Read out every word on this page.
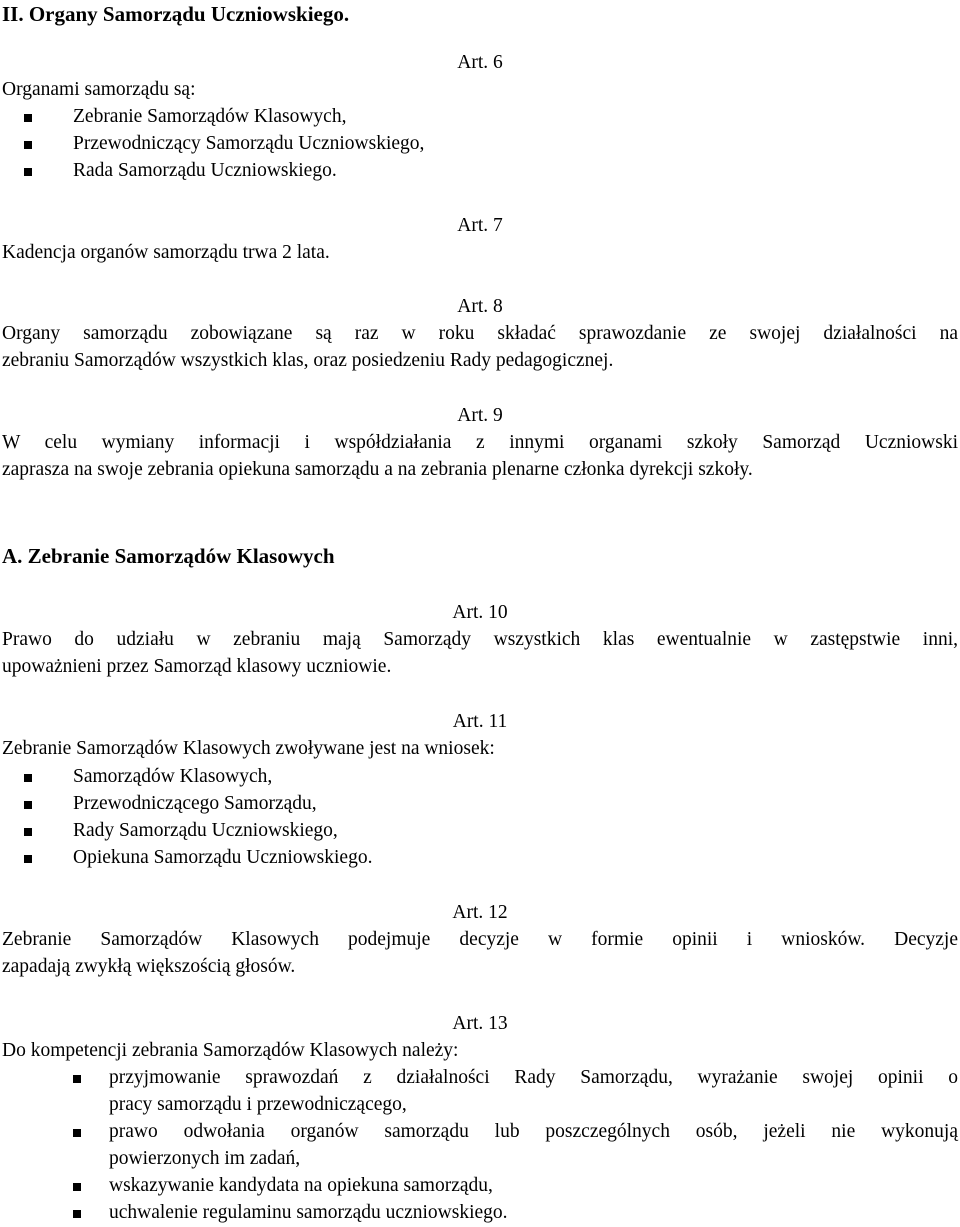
II. Organy Samorządu Uczniowskiego.
Art. 6
Organami samorządu są:
Zebranie Samorządów Klasowych,
Przewodniczący Samorządu Uczniowskiego,
Rada Samorządu Uczniowskiego.
Art. 7
Kadencja organów samorządu trwa 2 lata.
Art. 8
Organy samorządu zobowiązane są raz w roku składać sprawozdanie ze swojej działalności na
zebraniu Samorządów wszystkich klas, oraz posiedzeniu Rady pedagogicznej.
Art. 9
W celu wymiany informacji i współdziałania z innymi organami szkoły Samorząd Uczniowski
zaprasza na swoje zebrania opiekuna samorządu a na zebrania plenarne członka dyrekcji szkoły.
A. Zebranie Samorządów Klasowych
Art. 10
Prawo do udziału w zebraniu mają Samorządy wszystkich klas ewentualnie w zastępstwie inni,
upoważnieni przez Samorząd klasowy uczniowie.
Art. 11
Zebranie Samorządów Klasowych zwoływane jest na wniosek:
Samorządów Klasowych,
Przewodniczącego Samorządu,
Rady Samorządu Uczniowskiego,
Opiekuna Samorządu Uczniowskiego.
Art. 12
Zebranie Samorządów Klasowych podejmuje decyzje w formie opinii i wniosków. Decyzje
zapadają zwykłą większością głosów.
Art. 13
Do kompetencji zebrania Samorządów Klasowych należy:
przyjmowanie sprawozdań z działalności Rady Samorządu, wyrażanie swojej opinii o
pracy samorządu i przewodniczącego,
prawo odwołania organów samorządu lub poszczególnych osób, jeżeli nie wykonują
powierzonych im zadań,
wskazywanie kandydata na opiekuna samorządu,
uchwalenie regulaminu samorządu uczniowskiego.
